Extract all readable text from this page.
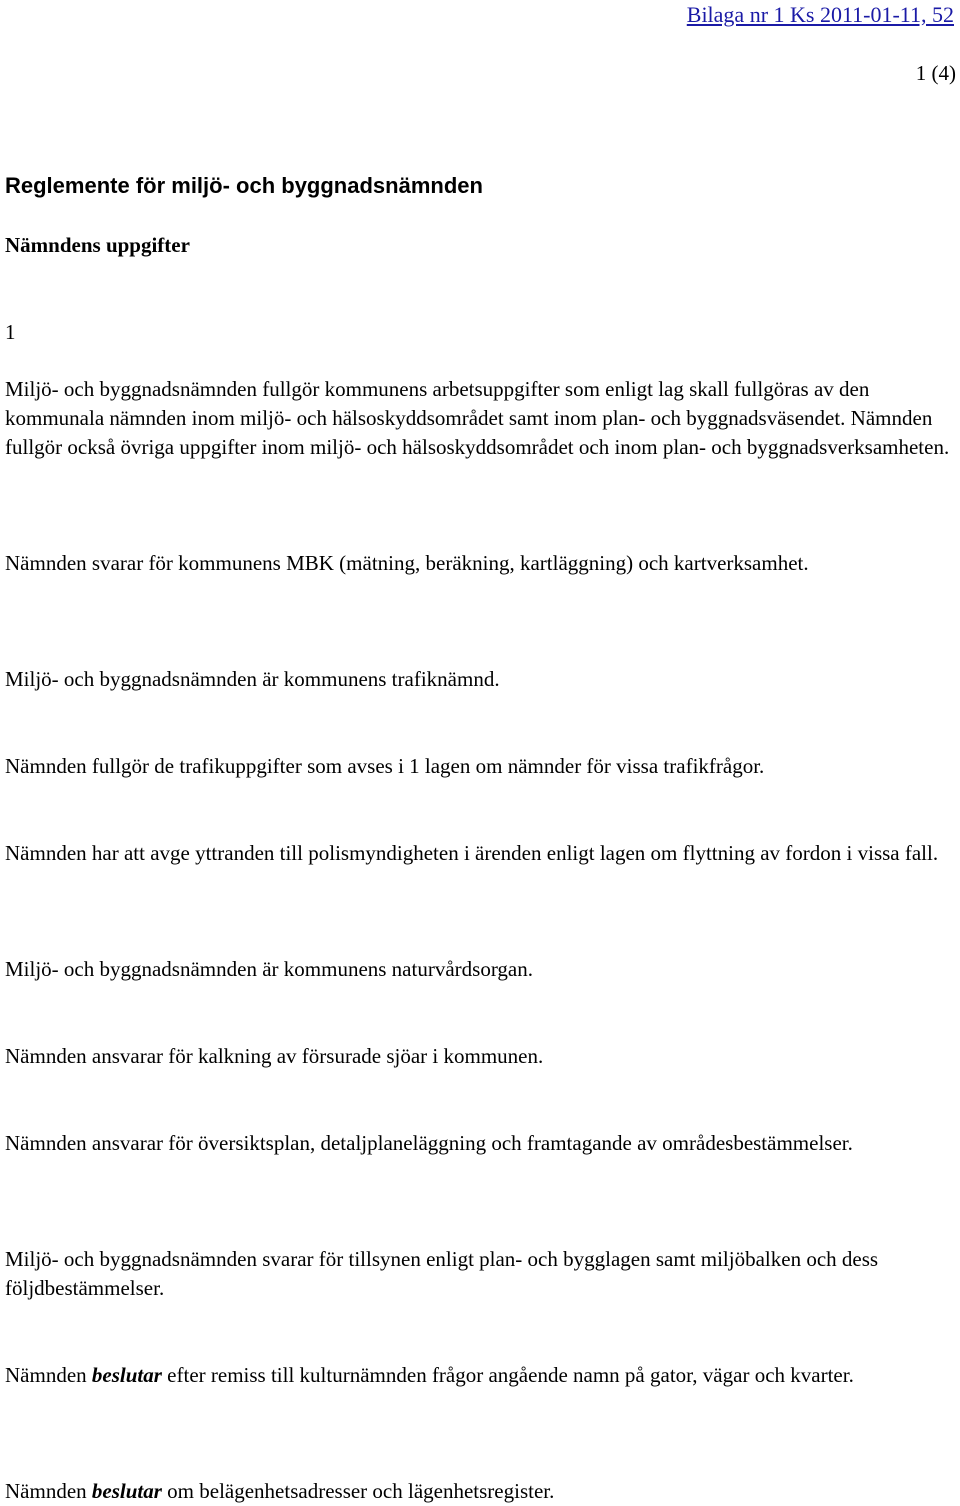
Bilaga nr 1 Ks 2011-01-11, 52
1 (4)
Reglemente för miljö- och byggnadsnämnden
Nämndens uppgifter
1

Miljö- och byggnadsnämnden fullgör kommunens arbetsuppgifter som enligt lag skall fullgöras av den kommunala nämnden inom miljö- och hälsoskyddsområdet samt inom plan- och byggnadsväsendet. Nämnden fullgör också övriga uppgifter inom miljö- och hälsoskyddsområdet och inom plan- och byggnadsverksamheten.

Nämnden svarar för kommunens MBK (mätning, beräkning, kartläggning) och kartverksamhet.

Miljö- och byggnadsnämnden är kommunens trafiknämnd.

Nämnden fullgör de trafikuppgifter som avses i 1 lagen om nämnder för vissa trafikfrågor.

Nämnden har att avge yttranden till polismyndigheten i ärenden enligt lagen om flyttning av fordon i vissa fall.

Miljö- och byggnadsnämnden är kommunens naturvårdsorgan.

Nämnden ansvarar för kalkning av försurade sjöar i kommunen.

Nämnden ansvarar för översiktsplan, detaljplaneläggning och framtagande av områdesbestämmelser.

Miljö- och byggnadsnämnden svarar för tillsynen enligt plan- och bygglagen samt miljöbalken och dess följdbestämmelser.

Nämnden beslutar efter remiss till kulturnämnden frågor angående namn på gator, vägar och kvarter.

Nämnden beslutar om belägenhetsadresser och lägenhetsregister.
